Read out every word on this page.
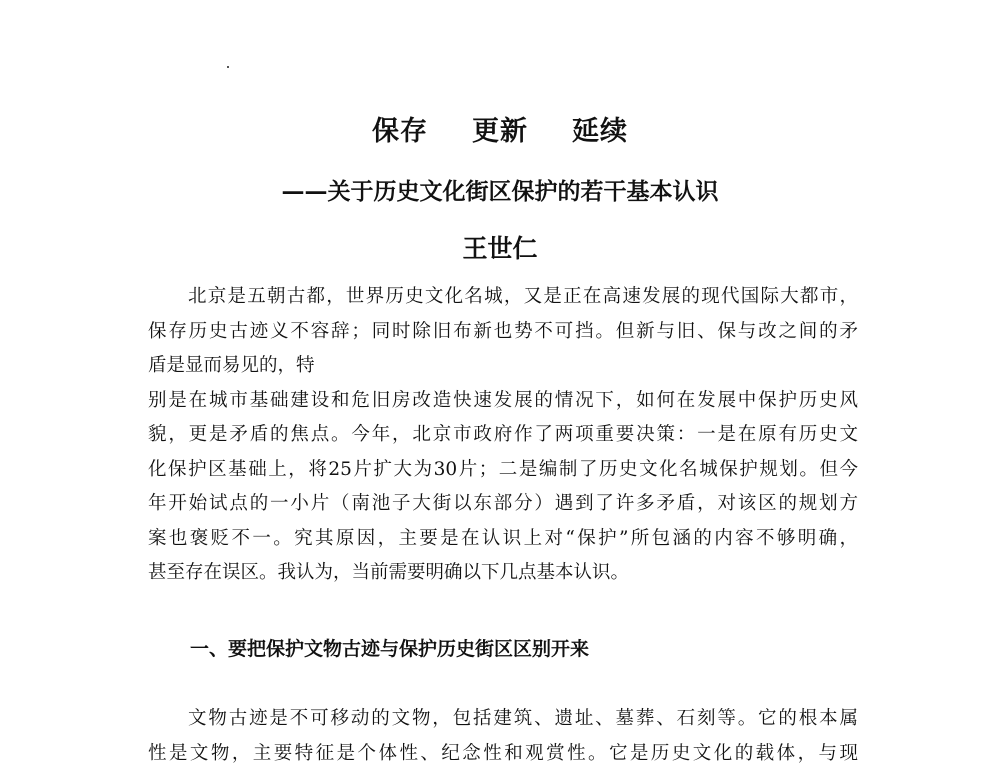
保存 更新 延续
——关于历史文化街区保护的若干基本认识
王世仁
北京是五朝古都，世界历史文化名城，又是正在高速发展的现代国际大都市，
保存历史古迹义不容辞；同时除旧布新也势不可挡。但新与旧、保与改之间的矛
盾是显而易见的，特
别是在城市基础建设和危旧房改造快速发展的情况下，如何在发展中保护历史风
貌，更是矛盾的焦点。今年，北京市政府作了两项重要决策：一是在原有历史文
化保护区基础上，将25片扩大为30片；二是编制了历史文化名城保护规划。但今
年开始试点的一小片（南池子大街以东部分）遇到了许多矛盾，对该区的规划方
案也褒贬不一。究其原因，主要是在认识上对“保护”所包涵的内容不够明确，
甚至存在误区。我认为，当前需要明确以下几点基本认识。
一、要把保护文物古迹与保护历史街区区别开来
文物古迹是不可移动的文物，包括建筑、遗址、墓葬、石刻等。它的根本属
性是文物，主要特征是个体性、纪念性和观赏性。它是历史文化的载体，与现
